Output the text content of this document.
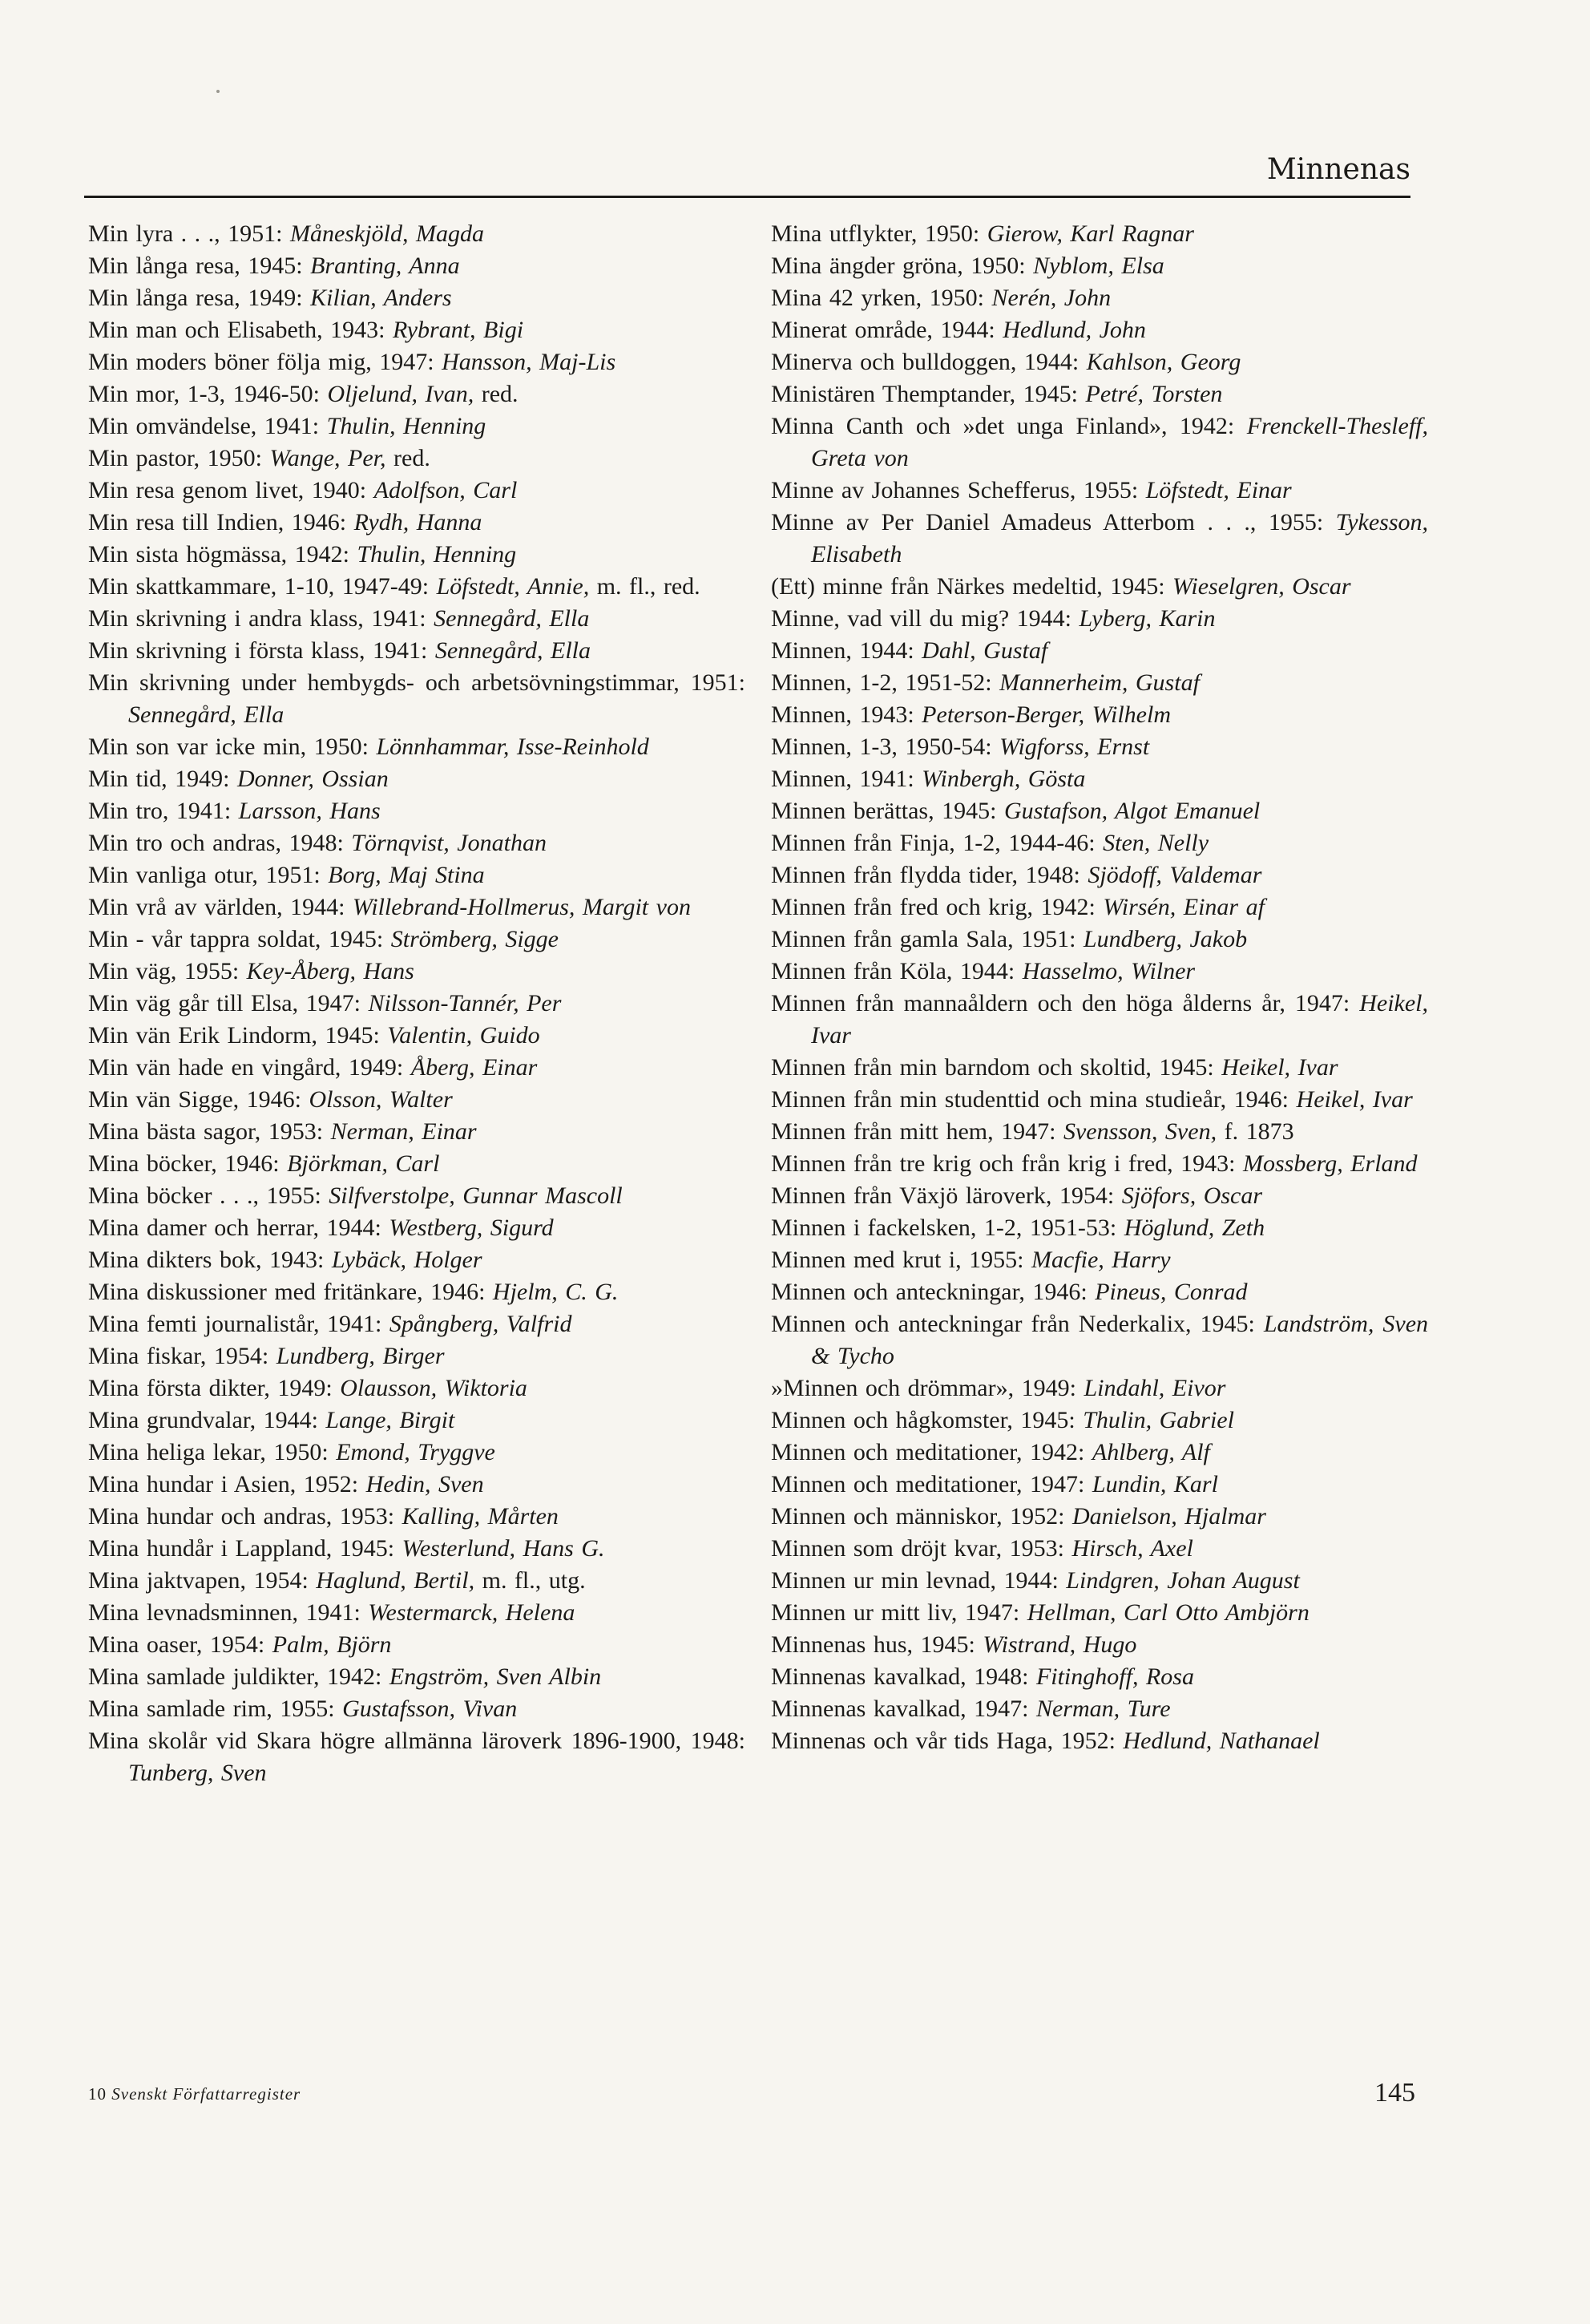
Minnenas
Min lyra . . ., 1951: Måneskjöld, Magda
Min långa resa, 1945: Branting, Anna
Min långa resa, 1949: Kilian, Anders
Min man och Elisabeth, 1943: Rybrant, Bigi
Min moders böner följa mig, 1947: Hansson, Maj-Lis
Min mor, 1-3, 1946-50: Oljelund, Ivan, red.
Min omvändelse, 1941: Thulin, Henning
Min pastor, 1950: Wange, Per, red.
Min resa genom livet, 1940: Adolfson, Carl
Min resa till Indien, 1946: Rydh, Hanna
Min sista högmässa, 1942: Thulin, Henning
Min skattkammare, 1-10, 1947-49: Löfstedt, Annie, m. fl., red.
Min skrivning i andra klass, 1941: Sennegård, Ella
Min skrivning i första klass, 1941: Sennegård, Ella
Min skrivning under hembygds- och arbetsövningstimmar, 1951: Sennegård, Ella
Min son var icke min, 1950: Lönnhammar, Isse-Reinhold
Min tid, 1949: Donner, Ossian
Min tro, 1941: Larsson, Hans
Min tro och andras, 1948: Törnqvist, Jonathan
Min vanliga otur, 1951: Borg, Maj Stina
Min vrå av världen, 1944: Willebrand-Hollmerus, Margit von
Min - vår tappra soldat, 1945: Strömberg, Sigge
Min väg, 1955: Key-Åberg, Hans
Min väg går till Elsa, 1947: Nilsson-Tannér, Per
Min vän Erik Lindorm, 1945: Valentin, Guido
Min vän hade en vingård, 1949: Åberg, Einar
Min vän Sigge, 1946: Olsson, Walter
Mina bästa sagor, 1953: Nerman, Einar
Mina böcker, 1946: Björkman, Carl
Mina böcker . . ., 1955: Silfverstolpe, Gunnar Mascoll
Mina damer och herrar, 1944: Westberg, Sigurd
Mina dikters bok, 1943: Lybäck, Holger
Mina diskussioner med fritänkare, 1946: Hjelm, C. G.
Mina femti journalistår, 1941: Spångberg, Valfrid
Mina fiskar, 1954: Lundberg, Birger
Mina första dikter, 1949: Olausson, Wiktoria
Mina grundvalar, 1944: Lange, Birgit
Mina heliga lekar, 1950: Emond, Tryggve
Mina hundar i Asien, 1952: Hedin, Sven
Mina hundar och andras, 1953: Kalling, Mårten
Mina hundår i Lappland, 1945: Westerlund, Hans G.
Mina jaktvapen, 1954: Haglund, Bertil, m. fl., utg.
Mina levnadsminnen, 1941: Westermarck, Helena
Mina oaser, 1954: Palm, Björn
Mina samlade juldikter, 1942: Engström, Sven Albin
Mina samlade rim, 1955: Gustafsson, Vivan
Mina skolår vid Skara högre allmänna läroverk 1896-1900, 1948: Tunberg, Sven
Mina utflykter, 1950: Gierow, Karl Ragnar
Mina ängder gröna, 1950: Nyblom, Elsa
Mina 42 yrken, 1950: Nerén, John
Minerat område, 1944: Hedlund, John
Minerva och bulldoggen, 1944: Kahlson, Georg
Ministären Themptander, 1945: Petré, Torsten
Minna Canth och »det unga Finland», 1942: Frenckell-Thesleff, Greta von
Minne av Johannes Schefferus, 1955: Löfstedt, Einar
Minne av Per Daniel Amadeus Atterbom . . ., 1955: Tykesson, Elisabeth
(Ett) minne från Närkes medeltid, 1945: Wieselgren, Oscar
Minne, vad vill du mig? 1944: Lyberg, Karin
Minnen, 1944: Dahl, Gustaf
Minnen, 1-2, 1951-52: Mannerheim, Gustaf
Minnen, 1943: Peterson-Berger, Wilhelm
Minnen, 1-3, 1950-54: Wigforss, Ernst
Minnen, 1941: Winbergh, Gösta
Minnen berättas, 1945: Gustafson, Algot Emanuel
Minnen från Finja, 1-2, 1944-46: Sten, Nelly
Minnen från flydda tider, 1948: Sjödoff, Valdemar
Minnen från fred och krig, 1942: Wirsén, Einar af
Minnen från gamla Sala, 1951: Lundberg, Jakob
Minnen från Köla, 1944: Hasselmo, Wilner
Minnen från mannaåldern och den höga ålderns år, 1947: Heikel, Ivar
Minnen från min barndom och skoltid, 1945: Heikel, Ivar
Minnen från min studenttid och mina studieår, 1946: Heikel, Ivar
Minnen från mitt hem, 1947: Svensson, Sven, f. 1873
Minnen från tre krig och från krig i fred, 1943: Mossberg, Erland
Minnen från Växjö läroverk, 1954: Sjöfors, Oscar
Minnen i fackelsken, 1-2, 1951-53: Höglund, Zeth
Minnen med krut i, 1955: Macfie, Harry
Minnen och anteckningar, 1946: Pineus, Conrad
Minnen och anteckningar från Nederkalix, 1945: Landström, Sven & Tycho
»Minnen och drömmar», 1949: Lindahl, Eivor
Minnen och hågkomster, 1945: Thulin, Gabriel
Minnen och meditationer, 1942: Ahlberg, Alf
Minnen och meditationer, 1947: Lundin, Karl
Minnen och människor, 1952: Danielson, Hjalmar
Minnen som dröjt kvar, 1953: Hirsch, Axel
Minnen ur min levnad, 1944: Lindgren, Johan August
Minnen ur mitt liv, 1947: Hellman, Carl Otto Ambjörn
Minnenas hus, 1945: Wistrand, Hugo
Minnenas kavalkad, 1948: Fitinghoff, Rosa
Minnenas kavalkad, 1947: Nerman, Ture
Minnenas och vår tids Haga, 1952: Hedlund, Nathanael
10 Svenskt Författarregister	145
